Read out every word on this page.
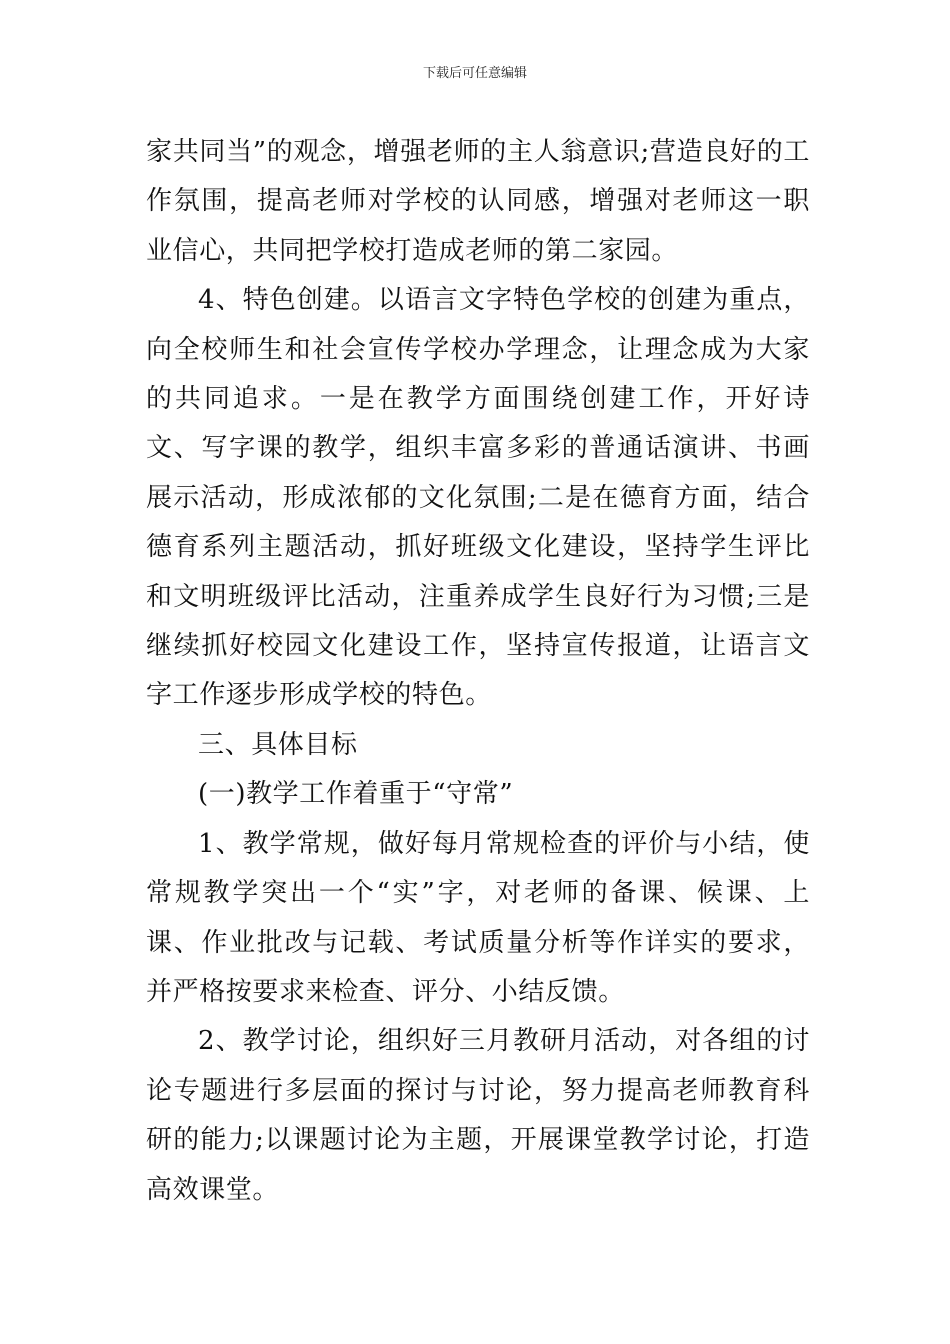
下载后可任意编辑

家共同当”的观念，增强老师的主人翁意识;营造良好的工作氛围，提高老师对学校的认同感，增强对老师这一职业信心，共同把学校打造成老师的第二家园。

4、特色创建。以语言文字特色学校的创建为重点，向全校师生和社会宣传学校办学理念，让理念成为大家的共同追求。一是在教学方面围绕创建工作，开好诗文、写字课的教学，组织丰富多彩的普通话演讲、书画展示活动，形成浓郁的文化氛围;二是在德育方面，结合德育系列主题活动，抓好班级文化建设，坚持学生评比和文明班级评比活动，注重养成学生良好行为习惯;三是继续抓好校园文化建设工作，坚持宣传报道，让语言文字工作逐步形成学校的特色。

三、具体目标

(一)教学工作着重于“守常”

1、教学常规，做好每月常规检查的评价与小结，使常规教学突出一个“实”字，对老师的备课、候课、上课、作业批改与记载、考试质量分析等作详实的要求，并严格按要求来检查、评分、小结反馈。

2、教学讨论，组织好三月教研月活动，对各组的讨论专题进行多层面的探讨与讨论，努力提高老师教育科研的能力;以课题讨论为主题，开展课堂教学讨论，打造高效课堂。
